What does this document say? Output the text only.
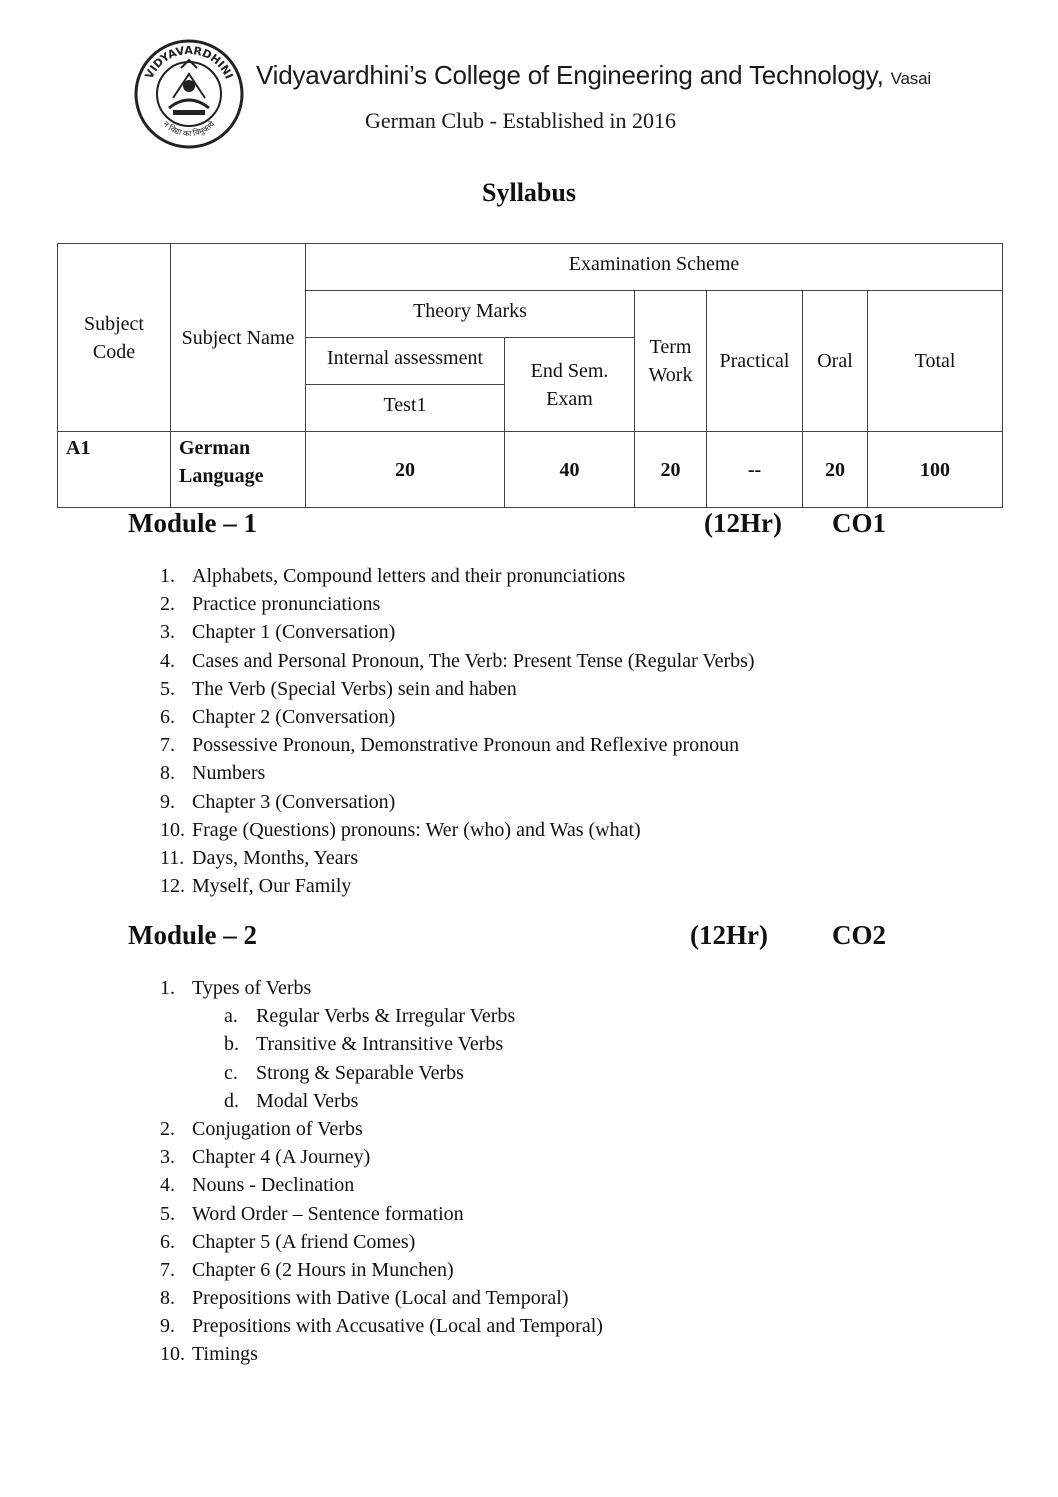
VIDYAVARDHINI
न विद्या का विमुक्तये
Vidyavardhini’s College of Engineering and Technology, Vasai
German Club - Established in 2016
Syllabus
Subject Code	Subject Name	Examination Scheme					
		Theory Marks		Term Work	Practical	Oral	Total
		Internal assessment	End Sem. Exam				
		Test1					
A1	German Language	20	40	20	--	20	100
Module – 1	(12Hr) CO1
1. Alphabets, Compound letters and their pronunciations
2. Practice pronunciations
3. Chapter 1 (Conversation)
4. Cases and Personal Pronoun, The Verb: Present Tense (Regular Verbs)
5. The Verb (Special Verbs) sein and haben
6. Chapter 2 (Conversation)
7. Possessive Pronoun, Demonstrative Pronoun and Reflexive pronoun
8. Numbers
9. Chapter 3 (Conversation)
10. Frage (Questions) pronouns: Wer (who) and Was (what)
11. Days, Months, Years
12. Myself, Our Family
Module – 2	(12Hr) CO2
1. Types of Verbs
a. Regular Verbs & Irregular Verbs
b. Transitive & Intransitive Verbs
c. Strong & Separable Verbs
d. Modal Verbs
2. Conjugation of Verbs
3. Chapter 4 (A Journey)
4. Nouns - Declination
5. Word Order – Sentence formation
6. Chapter 5 (A friend Comes)
7. Chapter 6 (2 Hours in Munchen)
8. Prepositions with Dative (Local and Temporal)
9. Prepositions with Accusative (Local and Temporal)
10. Timings
